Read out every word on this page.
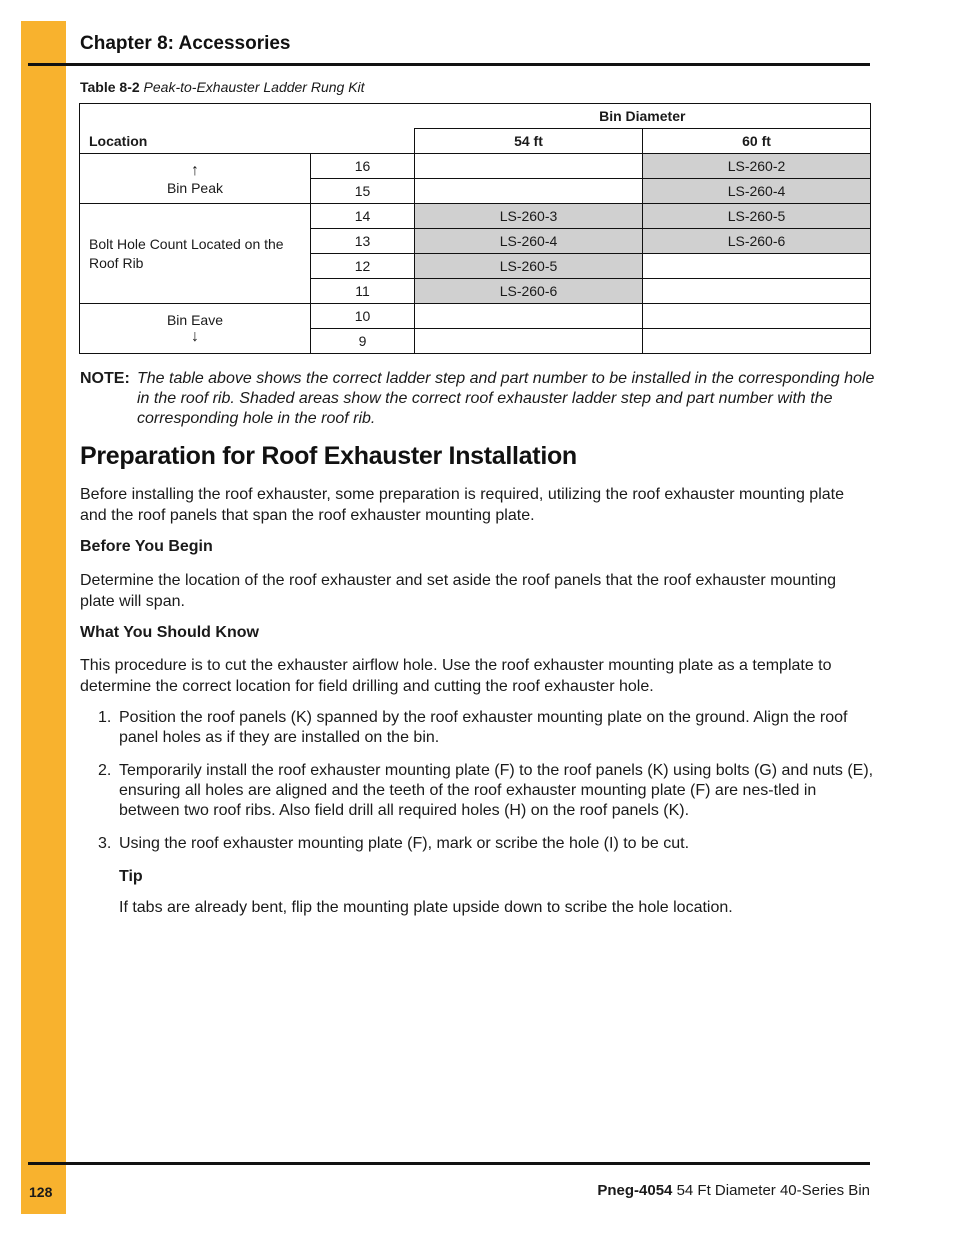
Chapter 8: Accessories
Table 8-2 Peak-to-Exhauster Ladder Rung Kit
		Bin Diameter	
Location		54 ft	60 ft

↑
Bin Peak	16		LS-260-2
	15		LS-260-4
Bolt Hole Count Located on the Roof Rib	14	LS-260-3	LS-260-5
	13	LS-260-4	LS-260-6
	12	LS-260-5	
	11	LS-260-6	
Bin Eave
↓	10		
	9		
NOTE: The table above shows the correct ladder step and part number to be installed in the corresponding hole in the roof rib. Shaded areas show the correct roof exhauster ladder step and part number with the corresponding hole in the roof rib.
Preparation for Roof Exhauster Installation

Before installing the roof exhauster, some preparation is required, utilizing the roof exhauster mounting plate and the roof panels that span the roof exhauster mounting plate.

Before You Begin

Determine the location of the roof exhauster and set aside the roof panels that the roof exhauster mounting plate will span.

What You Should Know

This procedure is to cut the exhauster airflow hole. Use the roof exhauster mounting plate as a template to determine the correct location for field drilling and cutting the roof exhauster hole.

1. Position the roof panels (K) spanned by the roof exhauster mounting plate on the ground. Align the roof panel holes as if they are installed on the bin.
2. Temporarily install the roof exhauster mounting plate (F) to the roof panels (K) using bolts (G) and nuts (E), ensuring all holes are aligned and the teeth of the roof exhauster mounting plate (F) are nes-tled in between two roof ribs. Also field drill all required holes (H) on the roof panels (K).
3. Using the roof exhauster mounting plate (F), mark or scribe the hole (I) to be cut.
Tip
If tabs are already bent, flip the mounting plate upside down to scribe the hole location.
128	Pneg-4054 54 Ft Diameter 40-Series Bin
